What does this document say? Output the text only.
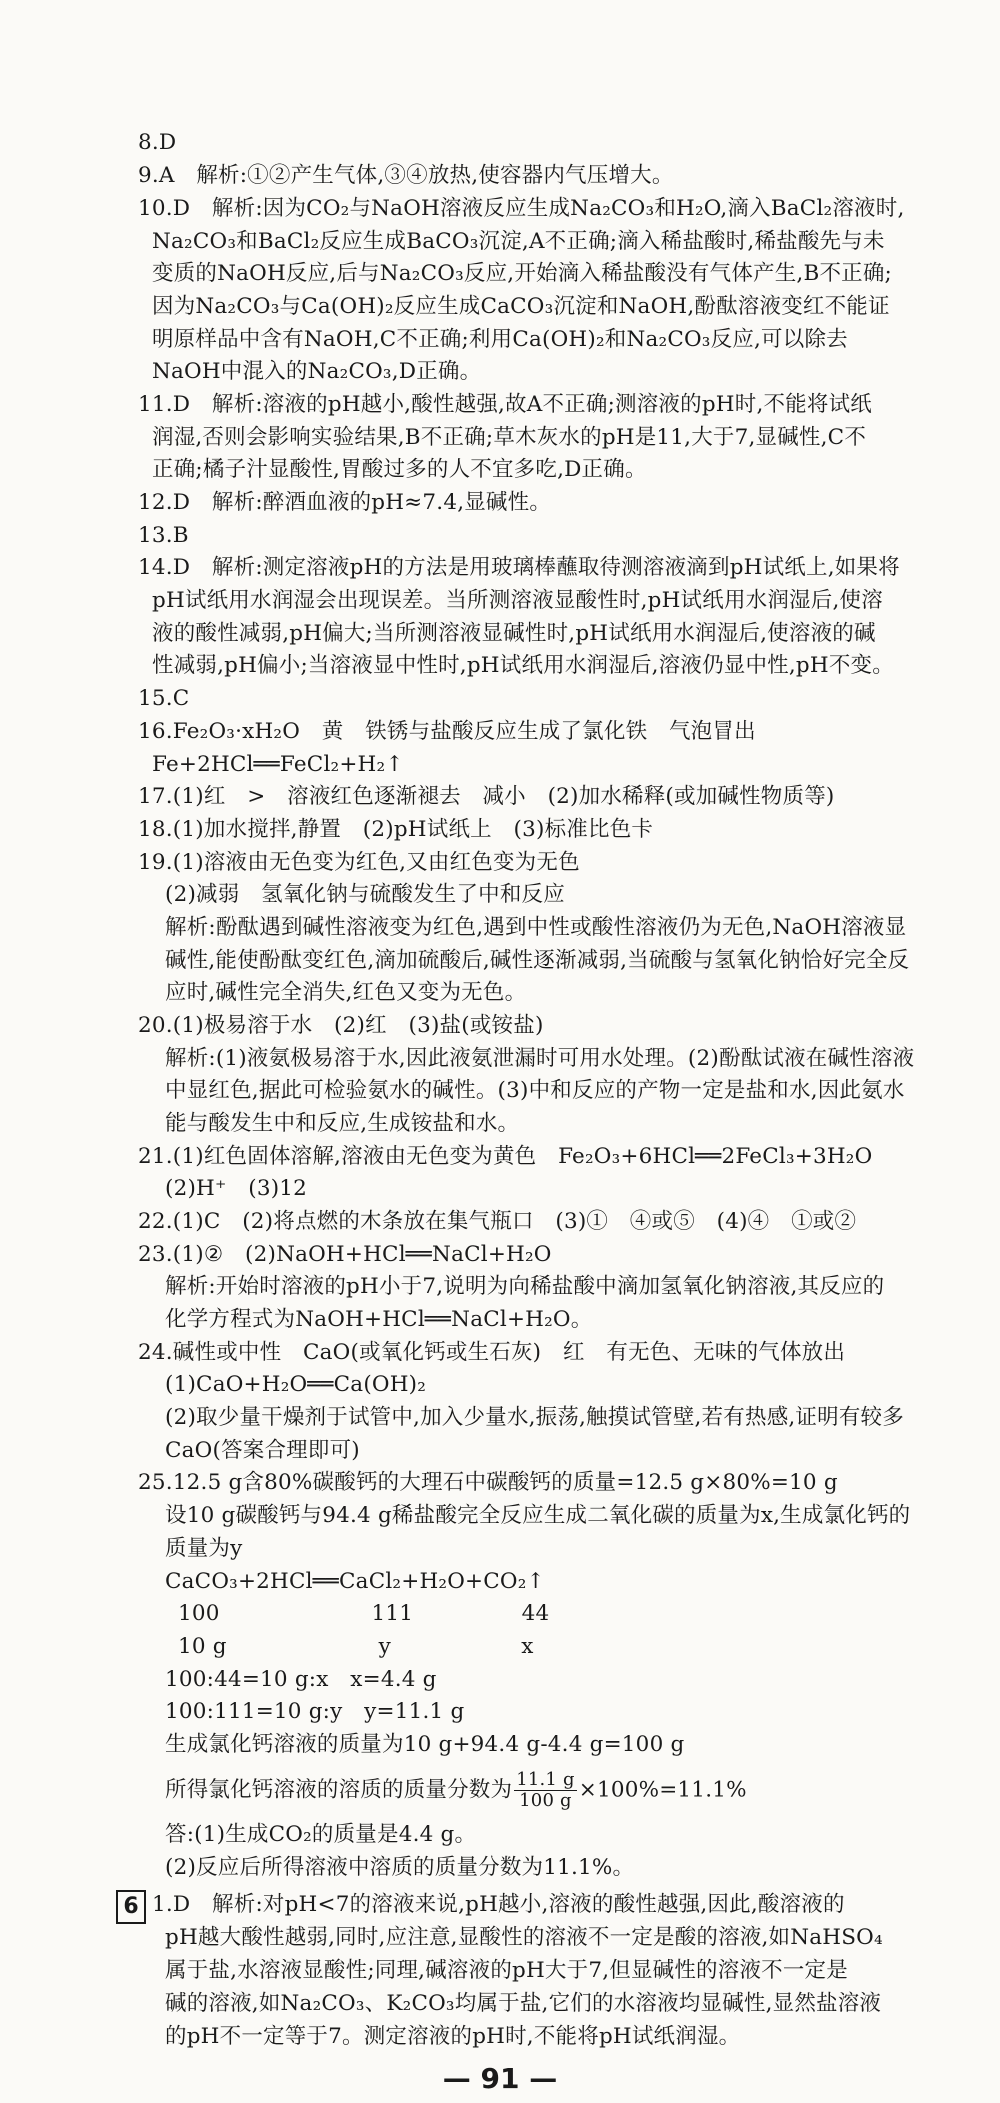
8.D
9.A　解析:①②产生气体,③④放热,使容器内气压增大。
10.D　解析:因为CO₂与NaOH溶液反应生成Na₂CO₃和H₂O,滴入BaCl₂溶液时,
Na₂CO₃和BaCl₂反应生成BaCO₃沉淀,A不正确;滴入稀盐酸时,稀盐酸先与未
变质的NaOH反应,后与Na₂CO₃反应,开始滴入稀盐酸没有气体产生,B不正确;
因为Na₂CO₃与Ca(OH)₂反应生成CaCO₃沉淀和NaOH,酚酞溶液变红不能证
明原样品中含有NaOH,C不正确;利用Ca(OH)₂和Na₂CO₃反应,可以除去
NaOH中混入的Na₂CO₃,D正确。
11.D　解析:溶液的pH越小,酸性越强,故A不正确;测溶液的pH时,不能将试纸
润湿,否则会影响实验结果,B不正确;草木灰水的pH是11,大于7,显碱性,C不
正确;橘子汁显酸性,胃酸过多的人不宜多吃,D正确。
12.D　解析:醉酒血液的pH≈7.4,显碱性。
13.B
14.D　解析:测定溶液pH的方法是用玻璃棒蘸取待测溶液滴到pH试纸上,如果将
pH试纸用水润湿会出现误差。当所测溶液显酸性时,pH试纸用水润湿后,使溶
液的酸性减弱,pH偏大;当所测溶液显碱性时,pH试纸用水润湿后,使溶液的碱
性减弱,pH偏小;当溶液显中性时,pH试纸用水润湿后,溶液仍显中性,pH不变。
15.C
16.Fe₂O₃·xH₂O　黄　铁锈与盐酸反应生成了氯化铁　气泡冒出
Fe+2HCl══FeCl₂+H₂↑
17.(1)红　>　溶液红色逐渐褪去　减小　(2)加水稀释(或加碱性物质等)
18.(1)加水搅拌,静置　(2)pH试纸上　(3)标准比色卡
19.(1)溶液由无色变为红色,又由红色变为无色
(2)减弱　氢氧化钠与硫酸发生了中和反应
解析:酚酞遇到碱性溶液变为红色,遇到中性或酸性溶液仍为无色,NaOH溶液显
碱性,能使酚酞变红色,滴加硫酸后,碱性逐渐减弱,当硫酸与氢氧化钠恰好完全反
应时,碱性完全消失,红色又变为无色。
20.(1)极易溶于水　(2)红　(3)盐(或铵盐)
解析:(1)液氨极易溶于水,因此液氨泄漏时可用水处理。(2)酚酞试液在碱性溶液
中显红色,据此可检验氨水的碱性。(3)中和反应的产物一定是盐和水,因此氨水
能与酸发生中和反应,生成铵盐和水。
21.(1)红色固体溶解,溶液由无色变为黄色　Fe₂O₃+6HCl══2FeCl₃+3H₂O
(2)H⁺　(3)12
22.(1)C　(2)将点燃的木条放在集气瓶口　(3)①　④或⑤　(4)④　①或②
23.(1)②　(2)NaOH+HCl══NaCl+H₂O
解析:开始时溶液的pH小于7,说明为向稀盐酸中滴加氢氧化钠溶液,其反应的
化学方程式为NaOH+HCl══NaCl+H₂O。
24.碱性或中性　CaO(或氧化钙或生石灰)　红　有无色、无味的气体放出
(1)CaO+H₂O══Ca(OH)₂
(2)取少量干燥剂于试管中,加入少量水,振荡,触摸试管壁,若有热感,证明有较多
CaO(答案合理即可)
25.12.5 g含80%碳酸钙的大理石中碳酸钙的质量=12.5 g×80%=10 g
设10 g碳酸钙与94.4 g稀盐酸完全反应生成二氧化碳的质量为x,生成氯化钙的
质量为y
CaCO₃+2HCl══CaCl₂+H₂O+CO₂↑
100　　　　　　　111　　　　　44
10 g　　　　　　　y　　　　　　x
100:44=10 g:x　x=4.4 g
100:111=10 g:y　y=11.1 g
生成氯化钙溶液的质量为10 g+94.4 g-4.4 g=100 g
所得氯化钙溶液的溶质的质量分数为 $\frac{11.1 g}{100 g} \times 100\%=11.1\%$
答:(1)生成CO₂的质量是4.4 g。
(2)反应后所得溶液中溶质的质量分数为11.1%。
6 1.D　解析:对pH<7的溶液来说,pH越小,溶液的酸性越强,因此,酸溶液的
pH越大酸性越弱,同时,应注意,显酸性的溶液不一定是酸的溶液,如NaHSO₄
属于盐,水溶液显酸性;同理,碱溶液的pH大于7,但显碱性的溶液不一定是
碱的溶液,如Na₂CO₃、K₂CO₃均属于盐,它们的水溶液均显碱性,显然盐溶液
的pH不一定等于7。测定溶液的pH时,不能将pH试纸润湿。
— 91 —
